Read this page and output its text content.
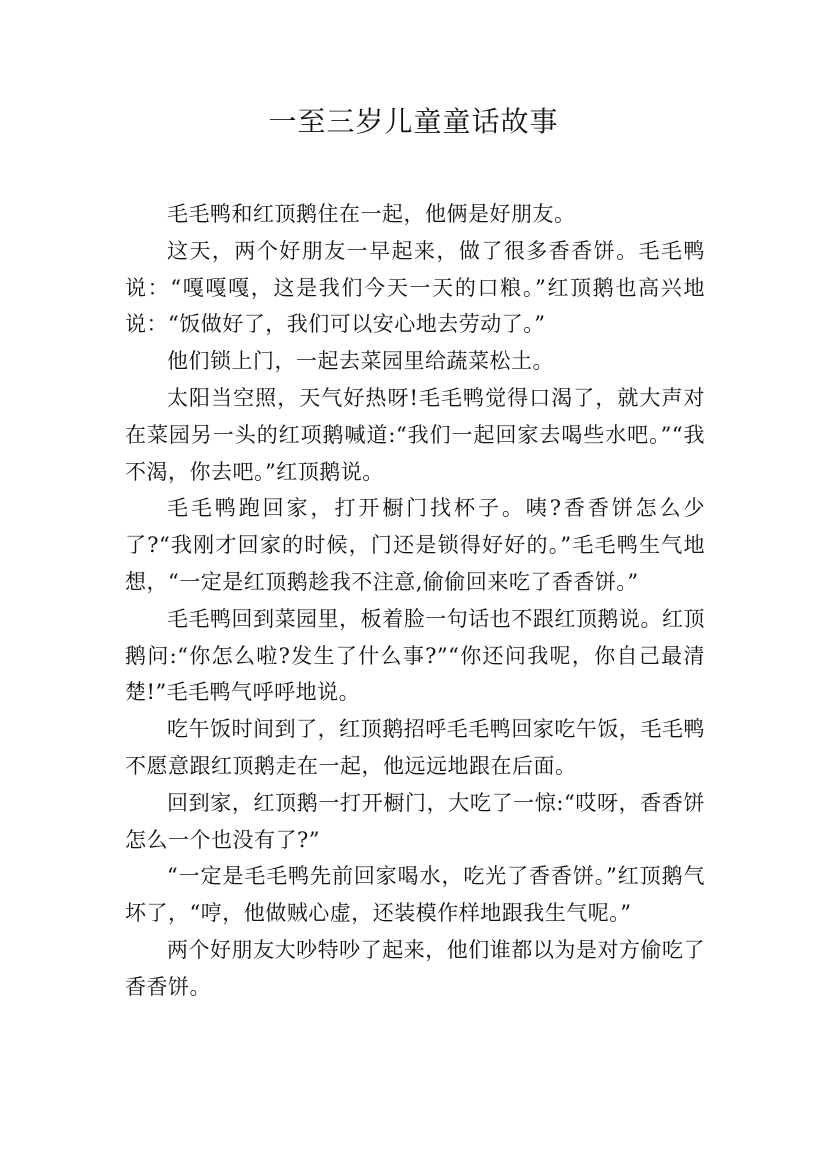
一至三岁儿童童话故事

毛毛鸭和红顶鹅住在一起，他俩是好朋友。

这天，两个好朋友一早起来，做了很多香香饼。毛毛鸭说：“嘎嘎嘎，这是我们今天一天的口粮。”红顶鹅也高兴地说：“饭做好了，我们可以安心地去劳动了。”

他们锁上门，一起去菜园里给蔬菜松土。

太阳当空照，天气好热呀!毛毛鸭觉得口渴了，就大声对在菜园另一头的红项鹅喊道:“我们一起回家去喝些水吧。”“我不渴，你去吧。”红顶鹅说。

毛毛鸭跑回家，打开橱门找杯子。咦?香香饼怎么少了?“我刚才回家的时候，门还是锁得好好的。”毛毛鸭生气地想，“一定是红顶鹅趁我不注意,偷偷回来吃了香香饼。”

毛毛鸭回到菜园里，板着脸一句话也不跟红顶鹅说。红顶鹅问:“你怎么啦?发生了什么事?”“你还问我呢，你自己最清楚!”毛毛鸭气呼呼地说。

吃午饭时间到了，红顶鹅招呼毛毛鸭回家吃午饭，毛毛鸭不愿意跟红顶鹅走在一起，他远远地跟在后面。

回到家，红顶鹅一打开橱门，大吃了一惊:“哎呀，香香饼怎么一个也没有了?”

“一定是毛毛鸭先前回家喝水，吃光了香香饼。”红顶鹅气坏了，“哼，他做贼心虚，还装模作样地跟我生气呢。”

两个好朋友大吵特吵了起来，他们谁都以为是对方偷吃了香香饼。
